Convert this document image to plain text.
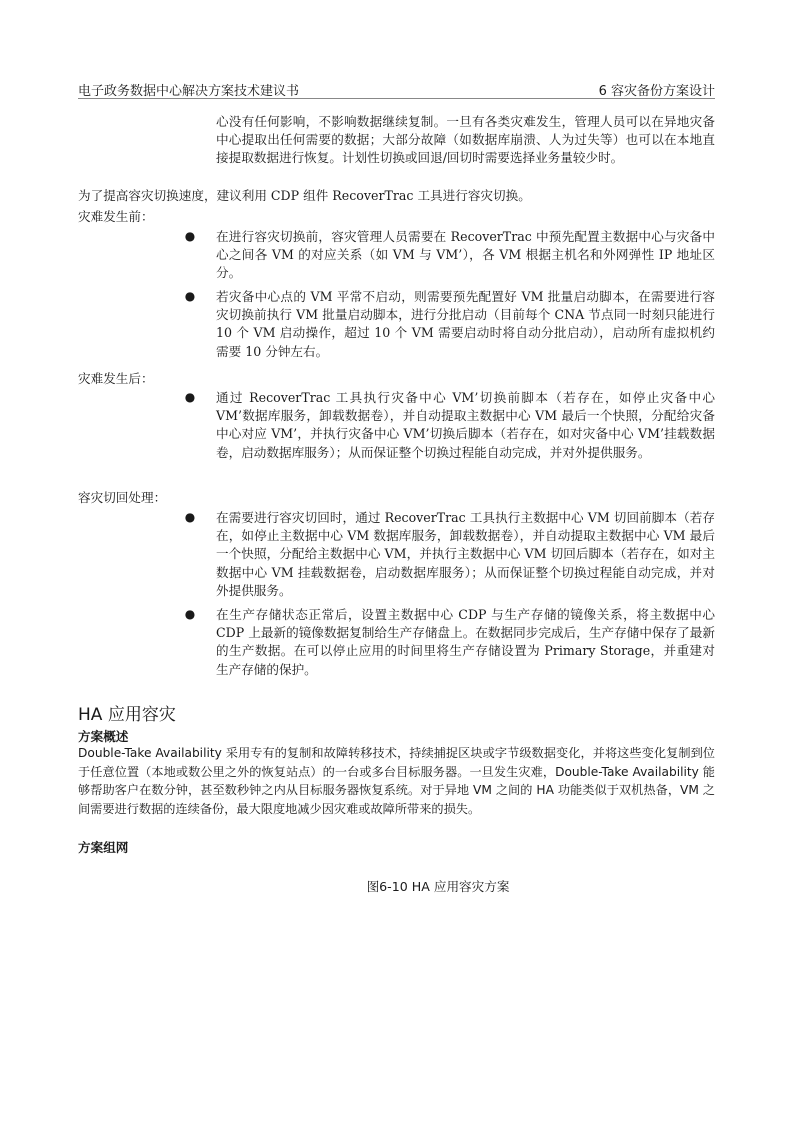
电子政务数据中心解决方案技术建议书	6 容灾备份方案设计
心没有任何影响，不影响数据继续复制。一旦有各类灾难发生，管理人员可以在异地灾备中心提取出任何需要的数据；大部分故障（如数据库崩溃、人为过失等）也可以在本地直接提取数据进行恢复。计划性切换或回退/回切时需要选择业务量较少时。
为了提高容灾切换速度，建议利用 CDP 组件 RecoverTrac 工具进行容灾切换。
灾难发生前：
● 在进行容灾切换前，容灾管理人员需要在 RecoverTrac 中预先配置主数据中心与灾备中心之间各 VM 的对应关系（如 VM 与 VM’），各 VM 根据主机名和外网弹性 IP 地址区分。
● 若灾备中心点的 VM 平常不启动，则需要预先配置好 VM 批量启动脚本，在需要进行容灾切换前执行 VM 批量启动脚本，进行分批启动（目前每个 CNA 节点同一时刻只能进行 10 个 VM 启动操作，超过 10 个 VM 需要启动时将自动分批启动），启动所有虚拟机约需要 10 分钟左右。
灾难发生后：
● 通过 RecoverTrac 工具执行灾备中心 VM’切换前脚本（若存在，如停止灾备中心 VM’数据库服务，卸载数据卷），并自动提取主数据中心 VM 最后一个快照，分配给灾备中心对应 VM’，并执行灾备中心 VM’切换后脚本（若存在，如对灾备中心 VM’挂载数据卷，启动数据库服务）；从而保证整个切换过程能自动完成，并对外提供服务。
容灾切回处理：
● 在需要进行容灾切回时，通过 RecoverTrac 工具执行主数据中心 VM 切回前脚本（若存在，如停止主数据中心 VM 数据库服务，卸载数据卷），并自动提取主数据中心 VM 最后一个快照，分配给主数据中心 VM，并执行主数据中心 VM 切回后脚本（若存在，如对主数据中心 VM 挂载数据卷，启动数据库服务）；从而保证整个切换过程能自动完成，并对外提供服务。
● 在生产存储状态正常后，设置主数据中心 CDP 与生产存储的镜像关系，将主数据中心 CDP 上最新的镜像数据复制给生产存储盘上。在数据同步完成后，生产存储中保存了最新的生产数据。在可以停止应用的时间里将生产存储设置为 Primary Storage，并重建对生产存储的保护。
HA 应用容灾
方案概述
Double-Take Availability 采用专有的复制和故障转移技术，持续捕捉区块或字节级数据变化，并将这些变化复制到位于任意位置（本地或数公里之外的恢复站点）的一台或多台目标服务器。一旦发生灾难，Double-Take Availability 能够帮助客户在数分钟，甚至数秒钟之内从目标服务器恢复系统。对于异地 VM 之间的 HA 功能类似于双机热备，VM 之间需要进行数据的连续备份，最大限度地减少因灾难或故障所带来的损失。
方案组网
图6-10 HA 应用容灾方案
